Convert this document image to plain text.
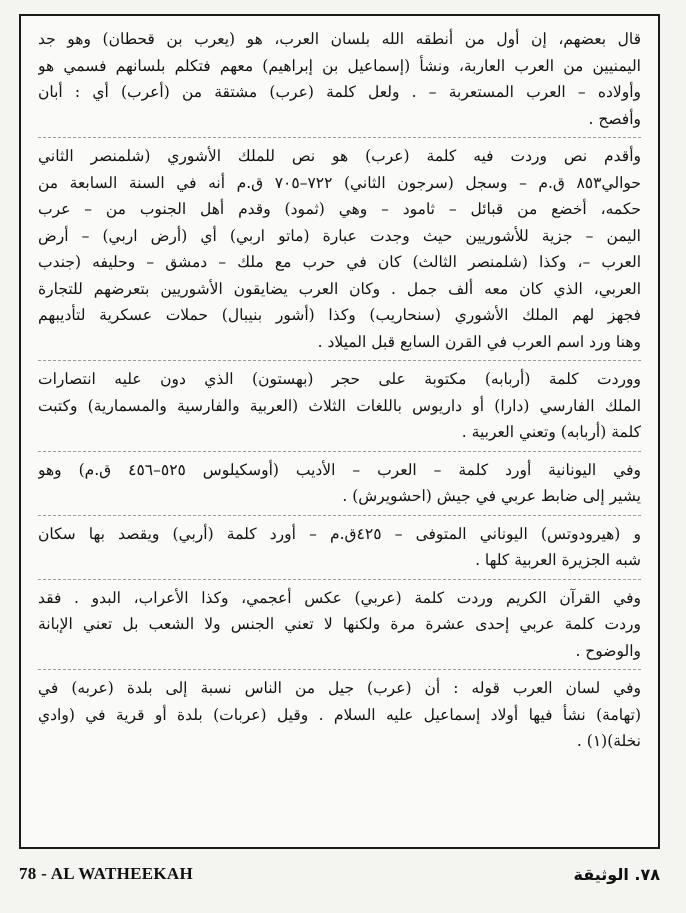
قال بعضهم، إن أول من أنطقه الله بلسان العرب، هو (يعرب بن قحطان) وهو جد
اليمنيين من العرب العاربة، ونشأ (إسماعيل بن إبراهيم) معهم فتكلم بلسانهم فسمي هو
وأولاده – العرب المستعربة – . ولعل كلمة (عرب) مشتقة من (أعرب) أي : أبان
وأفصح .
وأقدم نص وردت فيه كلمة (عرب) هو نص للملك الأشوري (شلمنصر الثاني
حوالي٨٥٣ ق.م – وسجل (سرجون الثاني) ٧٢٢–٧٠٥ ق.م أنه في السنة السابعة من
حكمه، أخضع من قبائل – ثامود – وهي (ثمود) وقدم أهل الجنوب من – عرب
اليمن – جزية للأشوريين حيث وجدت عبارة (ماتو اربي) أي (أرض اربي) – أرض
العرب –، وكذا (شلمنصر الثالث) كان في حرب مع ملك – دمشق – وحليفه (جندب
العربي، الذي كان معه ألف جمل . وكان العرب يضايقون الأشوريين بتعرضهم للتجارة
فجهز لهم الملك الأشوري (سنحاريب) وكذا (أشور بنيبال) حملات عسكرية لتأديبهم
وهنا ورد اسم العرب في القرن السابع قبل الميلاد .
ووردت كلمة (أربابه) مكتوبة على حجر (بهستون) الذي دون عليه انتصارات
الملك الفارسي (دارا) أو داريوس باللغات الثلاث (العربية والفارسية والمسمارية) وكتبت
كلمة (أربابه) وتعني العربية .
وفي اليونانية أورد كلمة – العرب – الأديب (أوسكيلوس ٥٢٥–٤٥٦ ق.م) وهو
يشير إلى ضابط عربي في جيش (احشويرش) .
و (هيرودوتس) اليوناني المتوفى – ٤٢٥ق.م – أورد كلمة (أربي) ويقصد بها سكان
شبه الجزيرة العربية كلها .
وفي القرآن الكريم وردت كلمة (عربي) عكس أعجمي، وكذا الأعراب، البدو . فقد
وردت كلمة عربي إحدى عشرة مرة ولكنها لا تعني الجنس ولا الشعب بل تعني الإبانة
والوضوح .
وفي لسان العرب قوله : أن (عرب) جيل من الناس نسبة إلى بلدة (عربه) في
(تهامة) نشأ فيها أولاد إسماعيل عليه السلام . وقيل (عربات) بلدة أو قرية في (وادي
نخلة)(١) .
78 - AL WATHEEKAH	٧٨. الوثيقة
